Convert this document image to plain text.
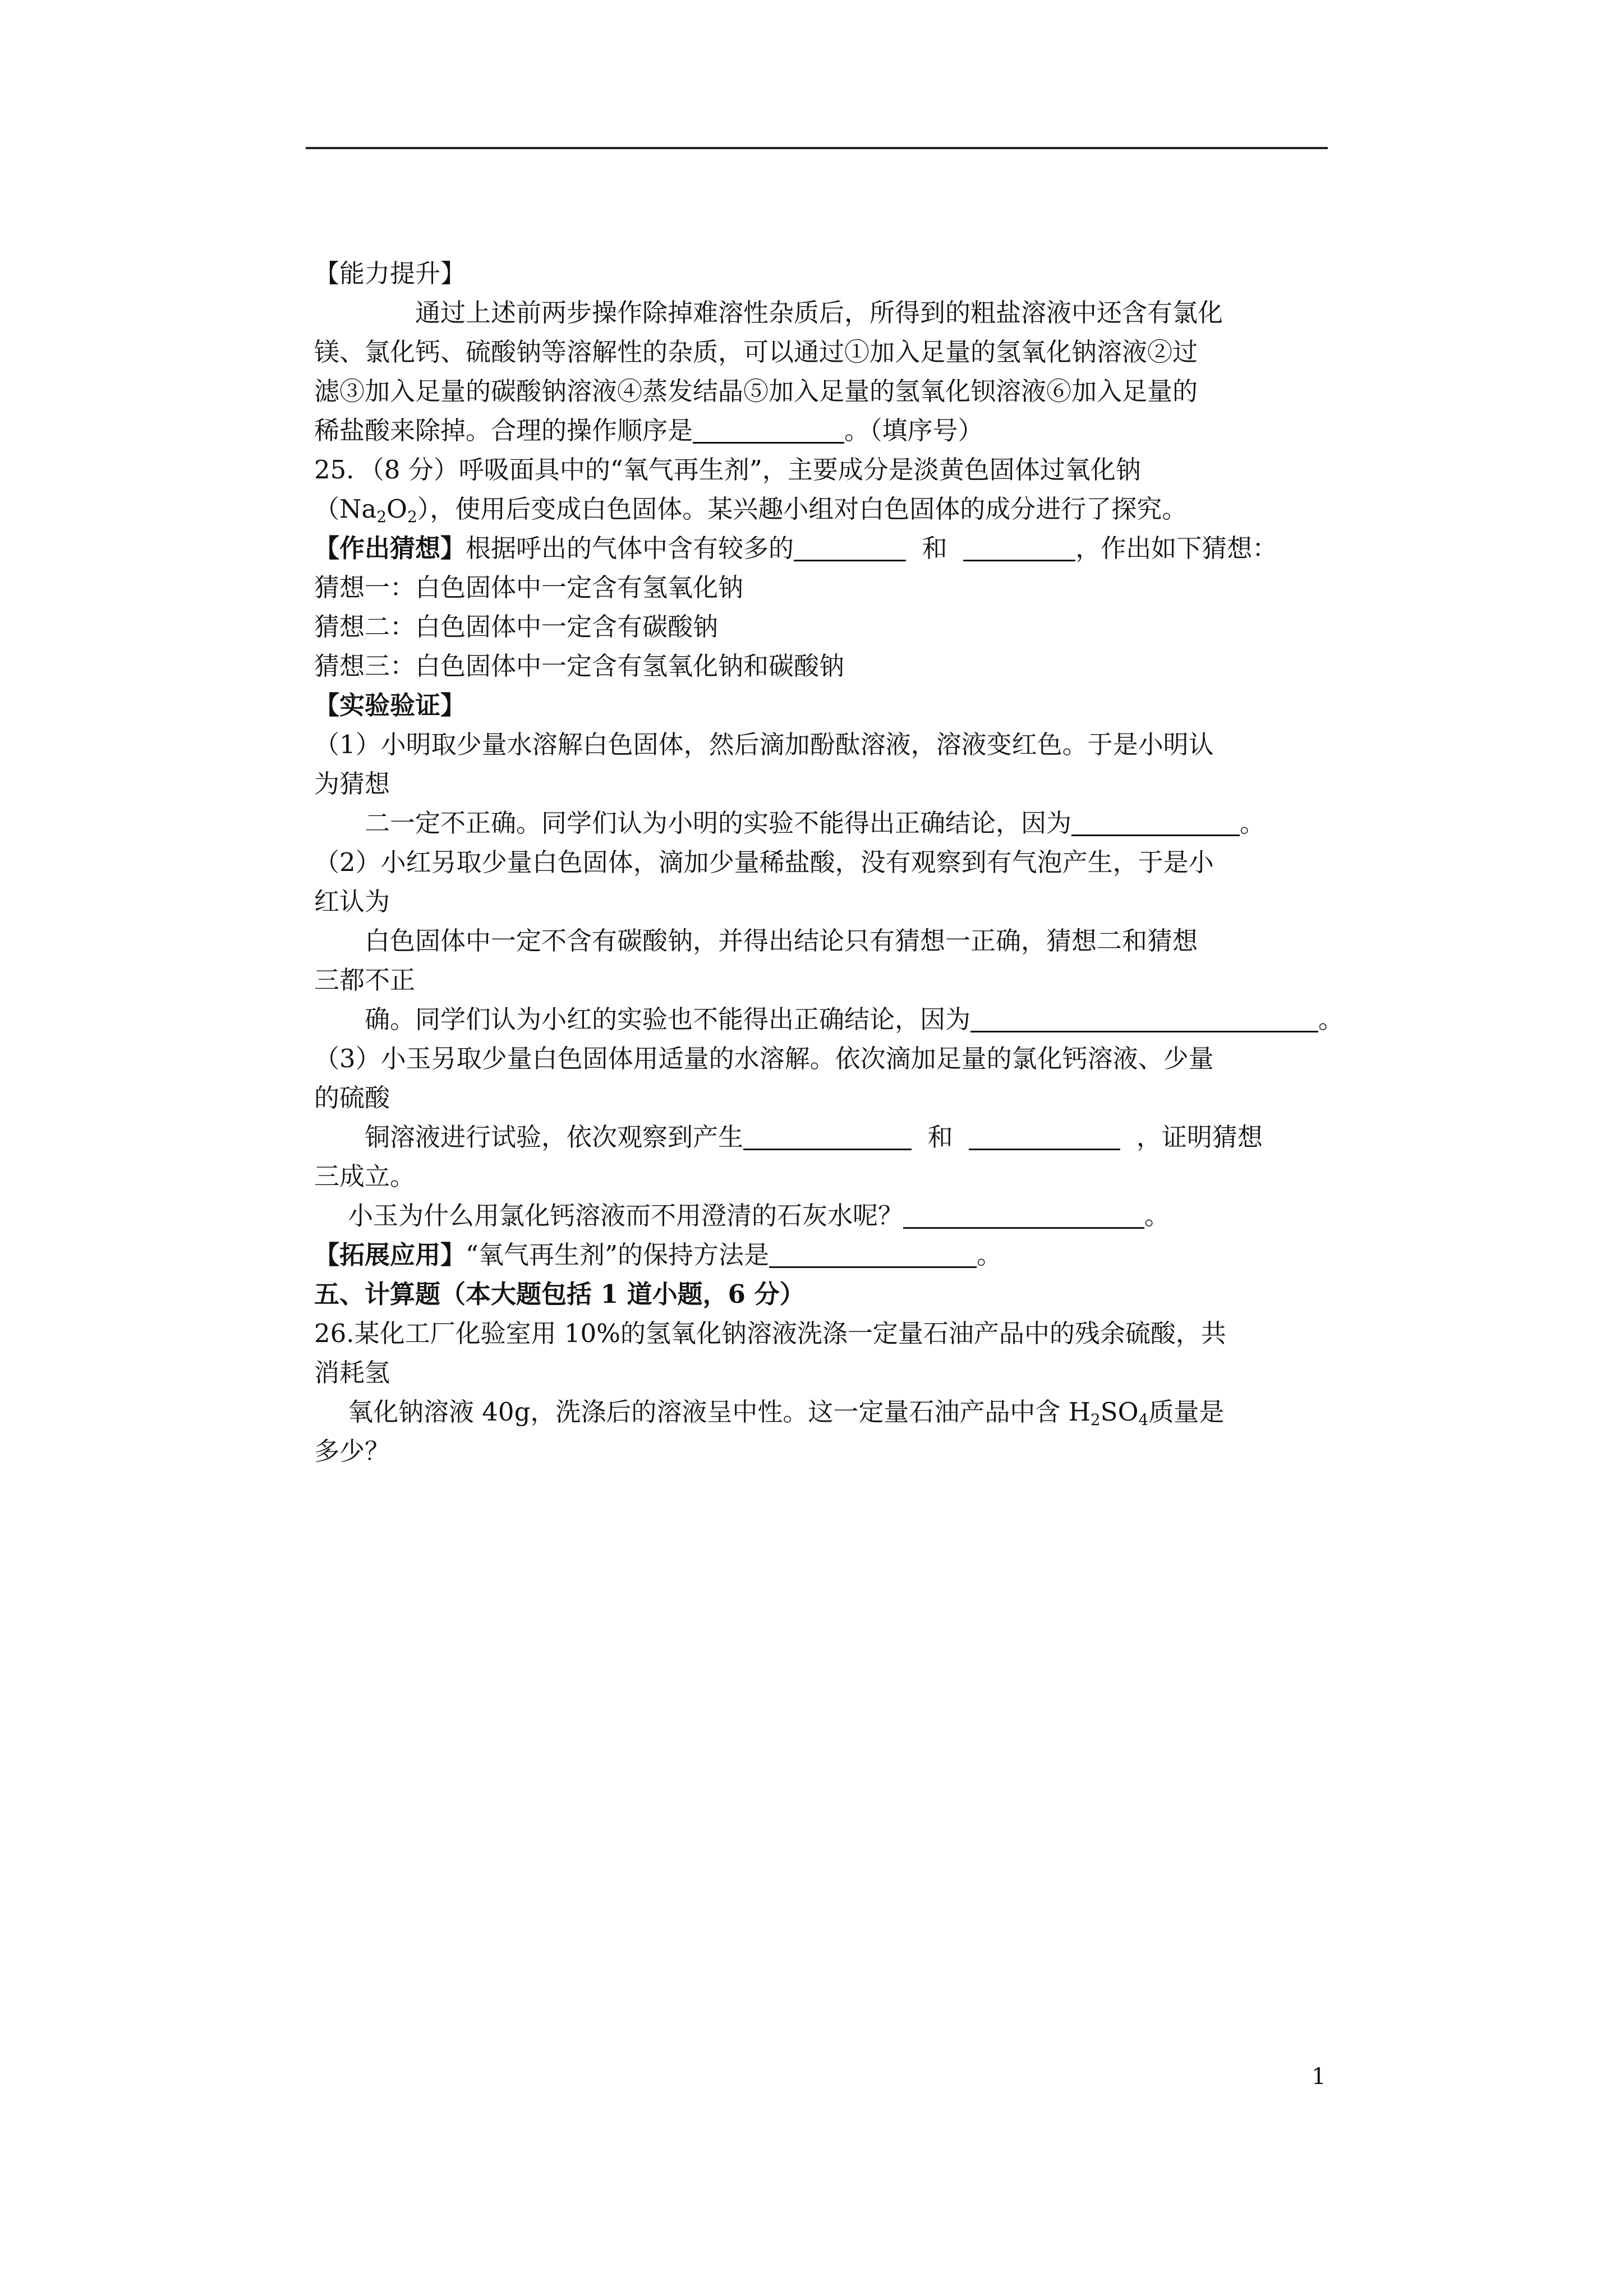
【能力提升】
通过上述前两步操作除掉难溶性杂质后，所得到的粗盐溶液中还含有氯化
镁、氯化钙、硫酸钠等溶解性的杂质，可以通过①加入足量的氢氧化钠溶液②过
滤③加入足量的碳酸钠溶液④蒸发结晶⑤加入足量的氢氧化钡溶液⑥加入足量的
稀盐酸来除掉。合理的操作顺序是	。（填序号）
25．（8 分）呼吸面具中的“氧气再生剂”，主要成分是淡黄色固体过氧化钠
$(Na_2O_2)$，使用后变成白色固体。某兴趣小组对白色固体的成分进行了探究。
【作出猜想】根据呼出的气体中含有较多的	和	，作出如下猜想：
猜想一：白色固体中一定含有氢氧化钠
猜想二：白色固体中一定含有碳酸钠
猜想三：白色固体中一定含有氢氧化钠和碳酸钠
【实验验证】
（1）小明取少量水溶解白色固体，然后滴加酚酞溶液，溶液变红色。于是小明认
为猜想
二一定不正确。同学们认为小明的实验不能得出正确结论，因为	。
（2）小红另取少量白色固体，滴加少量稀盐酸，没有观察到有气泡产生，于是小
红认为
白色固体中一定不含有碳酸钠，并得出结论只有猜想一正确，猜想二和猜想
三都不正
确。同学们认为小红的实验也不能得出正确结论，因为	。
（3）小玉另取少量白色固体用适量的水溶解。依次滴加足量的氯化钙溶液、少量
的硫酸
铜溶液进行试验，依次观察到产生	和	，证明猜想
三成立。
小玉为什么用氯化钙溶液而不用澄清的石灰水呢？	。
【拓展应用】“氧气再生剂”的保持方法是	。
五、计算题（本大题包括 1 道小题，6 分）
26.某化工厂化验室用 10%的氢氧化钠溶液洗涤一定量石油产品中的残余硫酸，共
消耗氢
氧化钠溶液 40g，洗涤后的溶液呈中性。这一定量石油产品中含 $H_2SO_4$质量是
多少？
1
